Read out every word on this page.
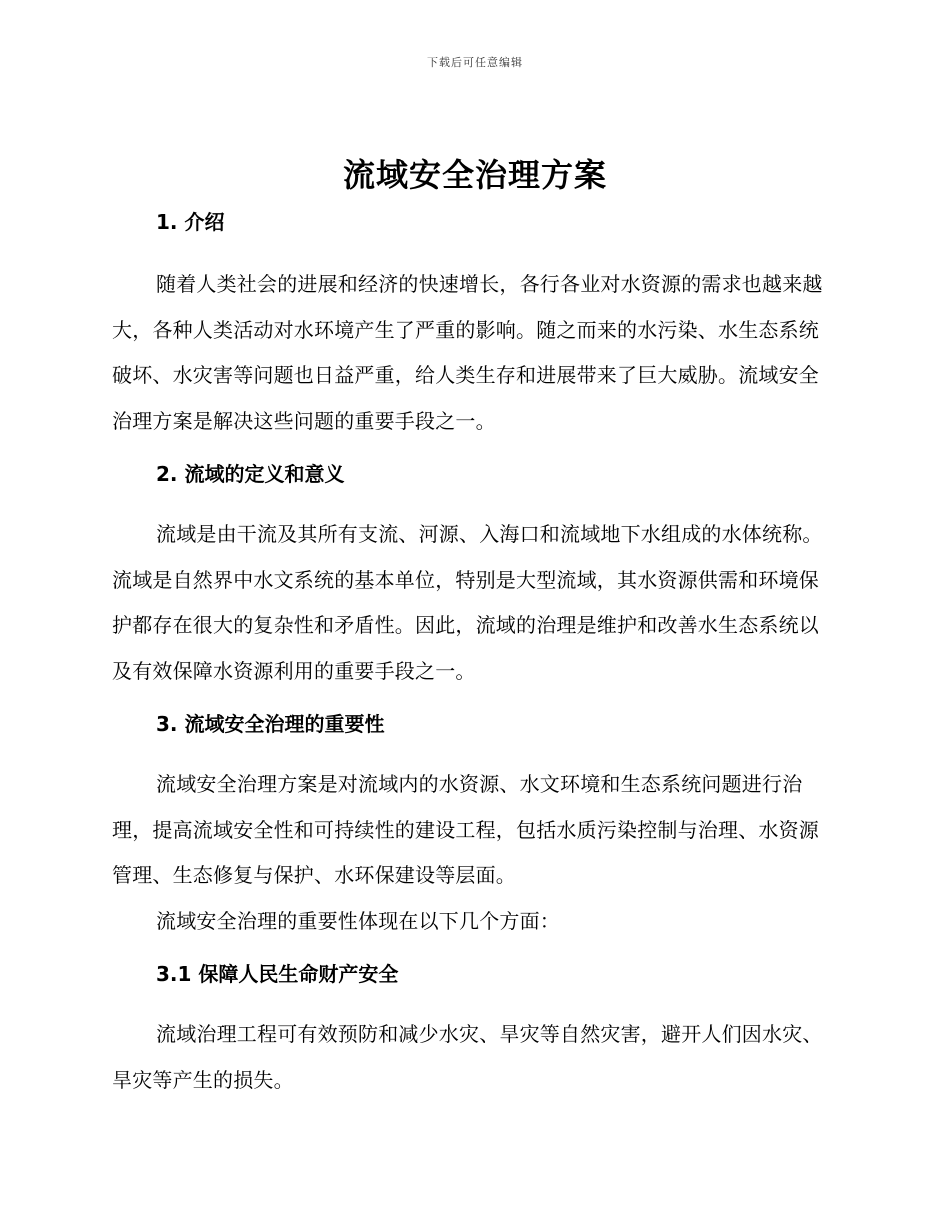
下载后可任意编辑
流域安全治理方案
1. 介绍

随着人类社会的进展和经济的快速增长，各行各业对水资源的需求也越来越大，各种人类活动对水环境产生了严重的影响。随之而来的水污染、水生态系统破坏、水灾害等问题也日益严重，给人类生存和进展带来了巨大威胁。流域安全治理方案是解决这些问题的重要手段之一。

2. 流域的定义和意义

流域是由干流及其所有支流、河源、入海口和流域地下水组成的水体统称。流域是自然界中水文系统的基本单位，特别是大型流域，其水资源供需和环境保护都存在很大的复杂性和矛盾性。因此，流域的治理是维护和改善水生态系统以及有效保障水资源利用的重要手段之一。

3. 流域安全治理的重要性

流域安全治理方案是对流域内的水资源、水文环境和生态系统问题进行治理，提高流域安全性和可持续性的建设工程，包括水质污染控制与治理、水资源管理、生态修复与保护、水环保建设等层面。

流域安全治理的重要性体现在以下几个方面：

3.1 保障人民生命财产安全

流域治理工程可有效预防和减少水灾、旱灾等自然灾害，避开人们因水灾、旱灾等产生的损失。
